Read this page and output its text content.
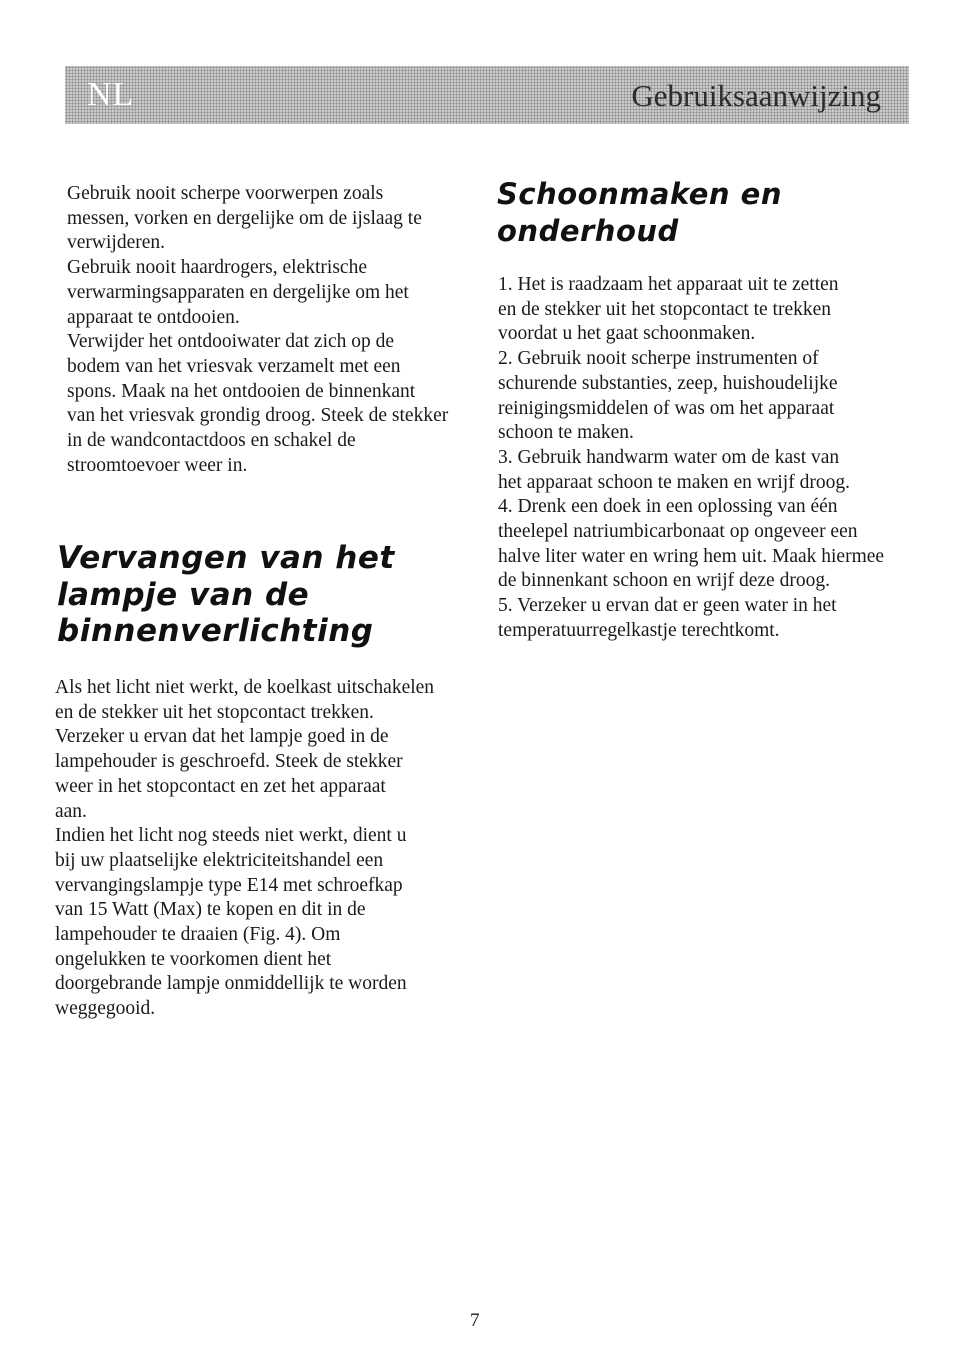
NL	Gebruiksaanwijzing

Gebruik nooit scherpe voorwerpen zoals
messen, vorken en dergelijke om de ijslaag te
verwijderen.
Gebruik nooit haardrogers, elektrische
verwarmingsapparaten en dergelijke om het
apparaat te ontdooien.
Verwijder het ontdooiwater dat zich op de
bodem van het vriesvak verzamelt met een
spons. Maak na het ontdooien de binnenkant
van het vriesvak grondig droog. Steek de stekker
in de wandcontactdoos en schakel de
stroomtoevoer weer in.

Vervangen van het
lampje van de
binnenverlichting

Als het licht niet werkt, de koelkast uitschakelen
en de stekker uit het stopcontact trekken.
Verzeker u ervan dat het lampje goed in de
lampehouder is geschroefd. Steek de stekker
weer in het stopcontact en zet het apparaat
aan.
Indien het licht nog steeds niet werkt, dient u
bij uw plaatselijke elektriciteitshandel een
vervangingslampje type E14 met schroefkap
van 15 Watt (Max) te kopen en dit in de
lampehouder te draaien (Fig. 4). Om
ongelukken te voorkomen dient het
doorgebrande lampje onmiddellijk te worden
weggegooid.

Schoonmaken en
onderhoud

1. Het is raadzaam het apparaat uit te zetten
en de stekker uit het stopcontact te trekken
voordat u het gaat schoonmaken.
2. Gebruik nooit scherpe instrumenten of
schurende substanties, zeep, huishoudelijke
reinigingsmiddelen of was om het apparaat
schoon te maken.
3. Gebruik handwarm water om de kast van
het apparaat schoon te maken en wrijf droog.
4. Drenk een doek in een oplossing van één
theelepel natriumbicarbonaat op ongeveer een
halve liter water en wring hem uit. Maak hiermee
de binnenkant schoon en wrijf deze droog.
5. Verzeker u ervan dat er geen water in het
temperatuurregelkastje terechtkomt.

7
